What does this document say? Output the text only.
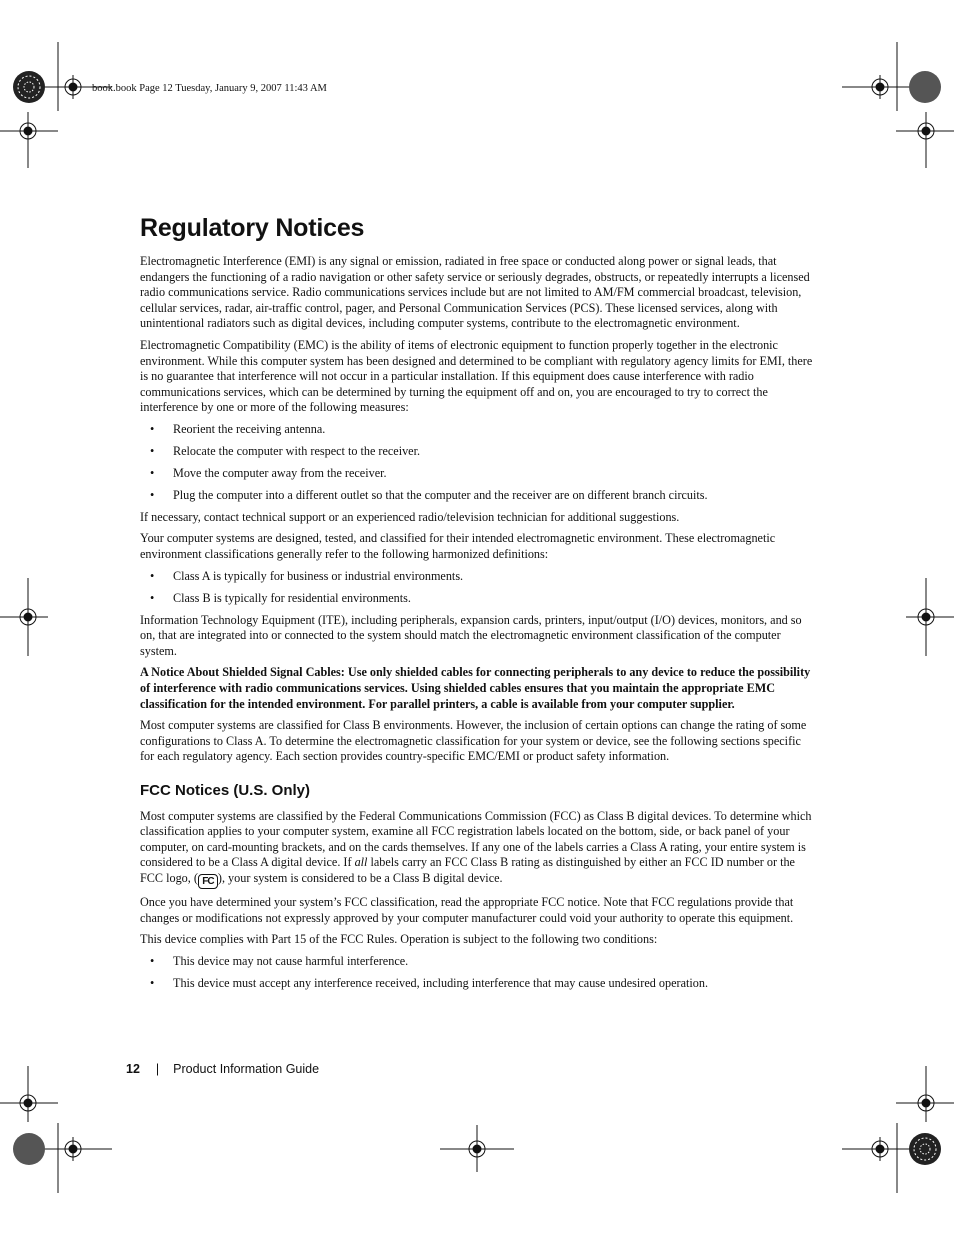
book.book Page 12 Tuesday, January 9, 2007 11:43 AM
Regulatory Notices

Electromagnetic Interference (EMI) is any signal or emission, radiated in free space or conducted along power or signal leads, that endangers the functioning of a radio navigation or other safety service or seriously degrades, obstructs, or repeatedly interrupts a licensed radio communications service. Radio communications services include but are not limited to AM/FM commercial broadcast, television, cellular services, radar, air-traffic control, pager, and Personal Communication Services (PCS). These licensed services, along with unintentional radiators such as digital devices, including computer systems, contribute to the electromagnetic environment.

Electromagnetic Compatibility (EMC) is the ability of items of electronic equipment to function properly together in the electronic environment. While this computer system has been designed and determined to be compliant with regulatory agency limits for EMI, there is no guarantee that interference will not occur in a particular installation. If this equipment does cause interference with radio communications services, which can be determined by turning the equipment off and on, you are encouraged to try to correct the interference by one or more of the following measures:

• Reorient the receiving antenna.
• Relocate the computer with respect to the receiver.
• Move the computer away from the receiver.
• Plug the computer into a different outlet so that the computer and the receiver are on different branch circuits.

If necessary, contact technical support or an experienced radio/television technician for additional suggestions.

Your computer systems are designed, tested, and classified for their intended electromagnetic environment. These electromagnetic environment classifications generally refer to the following harmonized definitions:

• Class A is typically for business or industrial environments.
• Class B is typically for residential environments.

Information Technology Equipment (ITE), including peripherals, expansion cards, printers, input/output (I/O) devices, monitors, and so on, that are integrated into or connected to the system should match the electromagnetic environment classification of the computer system.

A Notice About Shielded Signal Cables: Use only shielded cables for connecting peripherals to any device to reduce the possibility of interference with radio communications services. Using shielded cables ensures that you maintain the appropriate EMC classification for the intended environment. For parallel printers, a cable is available from your computer supplier.

Most computer systems are classified for Class B environments. However, the inclusion of certain options can change the rating of some configurations to Class A. To determine the electromagnetic classification for your system or device, see the following sections specific for each regulatory agency. Each section provides country-specific EMC/EMI or product safety information.

FCC Notices (U.S. Only)

Most computer systems are classified by the Federal Communications Commission (FCC) as Class B digital devices. To determine which classification applies to your computer system, examine all FCC registration labels located on the bottom, side, or back panel of your computer, on card-mounting brackets, and on the cards themselves. If any one of the labels carries a Class A rating, your entire system is considered to be a Class A digital device. If all labels carry an FCC Class B rating as distinguished by either an FCC ID number or the FCC logo, ( FC ), your system is considered to be a Class B digital device.

Once you have determined your system’s FCC classification, read the appropriate FCC notice. Note that FCC regulations provide that changes or modifications not expressly approved by your computer manufacturer could void your authority to operate this equipment.

This device complies with Part 15 of the FCC Rules. Operation is subject to the following two conditions:

• This device may not cause harmful interference.
• This device must accept any interference received, including interference that may cause undesired operation.
12 | Product Information Guide
